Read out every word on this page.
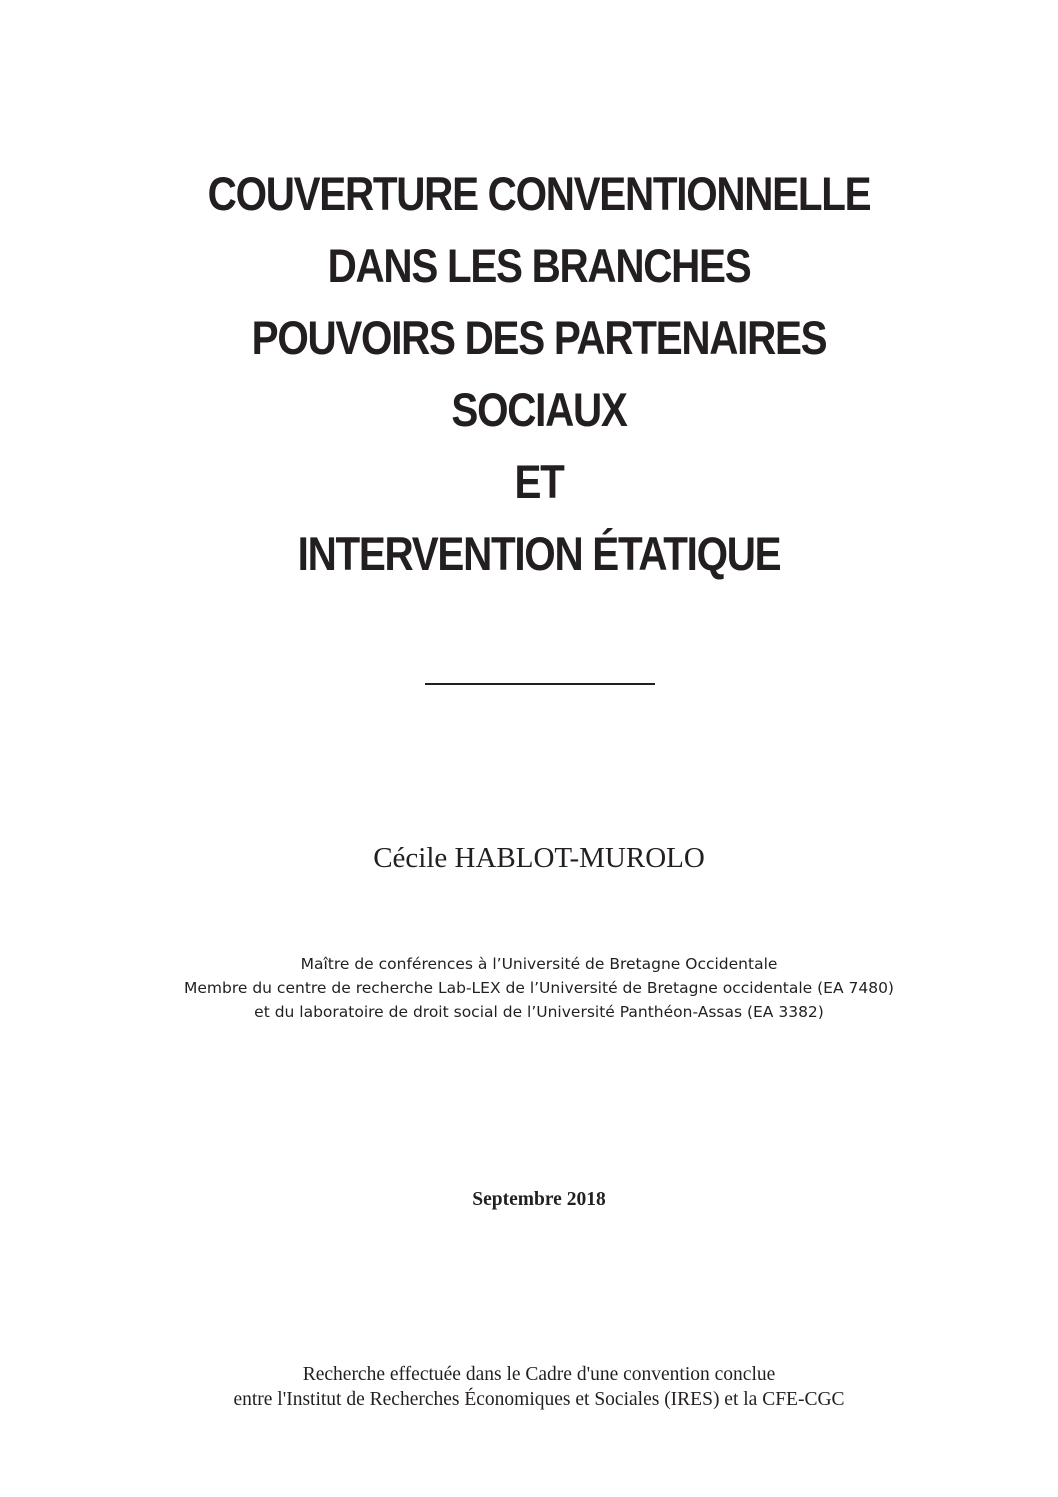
COUVERTURE CONVENTIONNELLE
DANS LES BRANCHES
POUVOIRS DES PARTENAIRES
SOCIAUX
ET
INTERVENTION ÉTATIQUE
Cécile HABLOT-MUROLO
Maître de conférences à l’Université de Bretagne Occidentale
Membre du centre de recherche Lab-LEX de l’Université de Bretagne occidentale (EA 7480)
et du laboratoire de droit social de l’Université Panthéon-Assas (EA 3382)
Septembre 2018
Recherche effectuée dans le Cadre d'une convention conclue
entre l'Institut de Recherches Économiques et Sociales (IRES) et la CFE-CGC
